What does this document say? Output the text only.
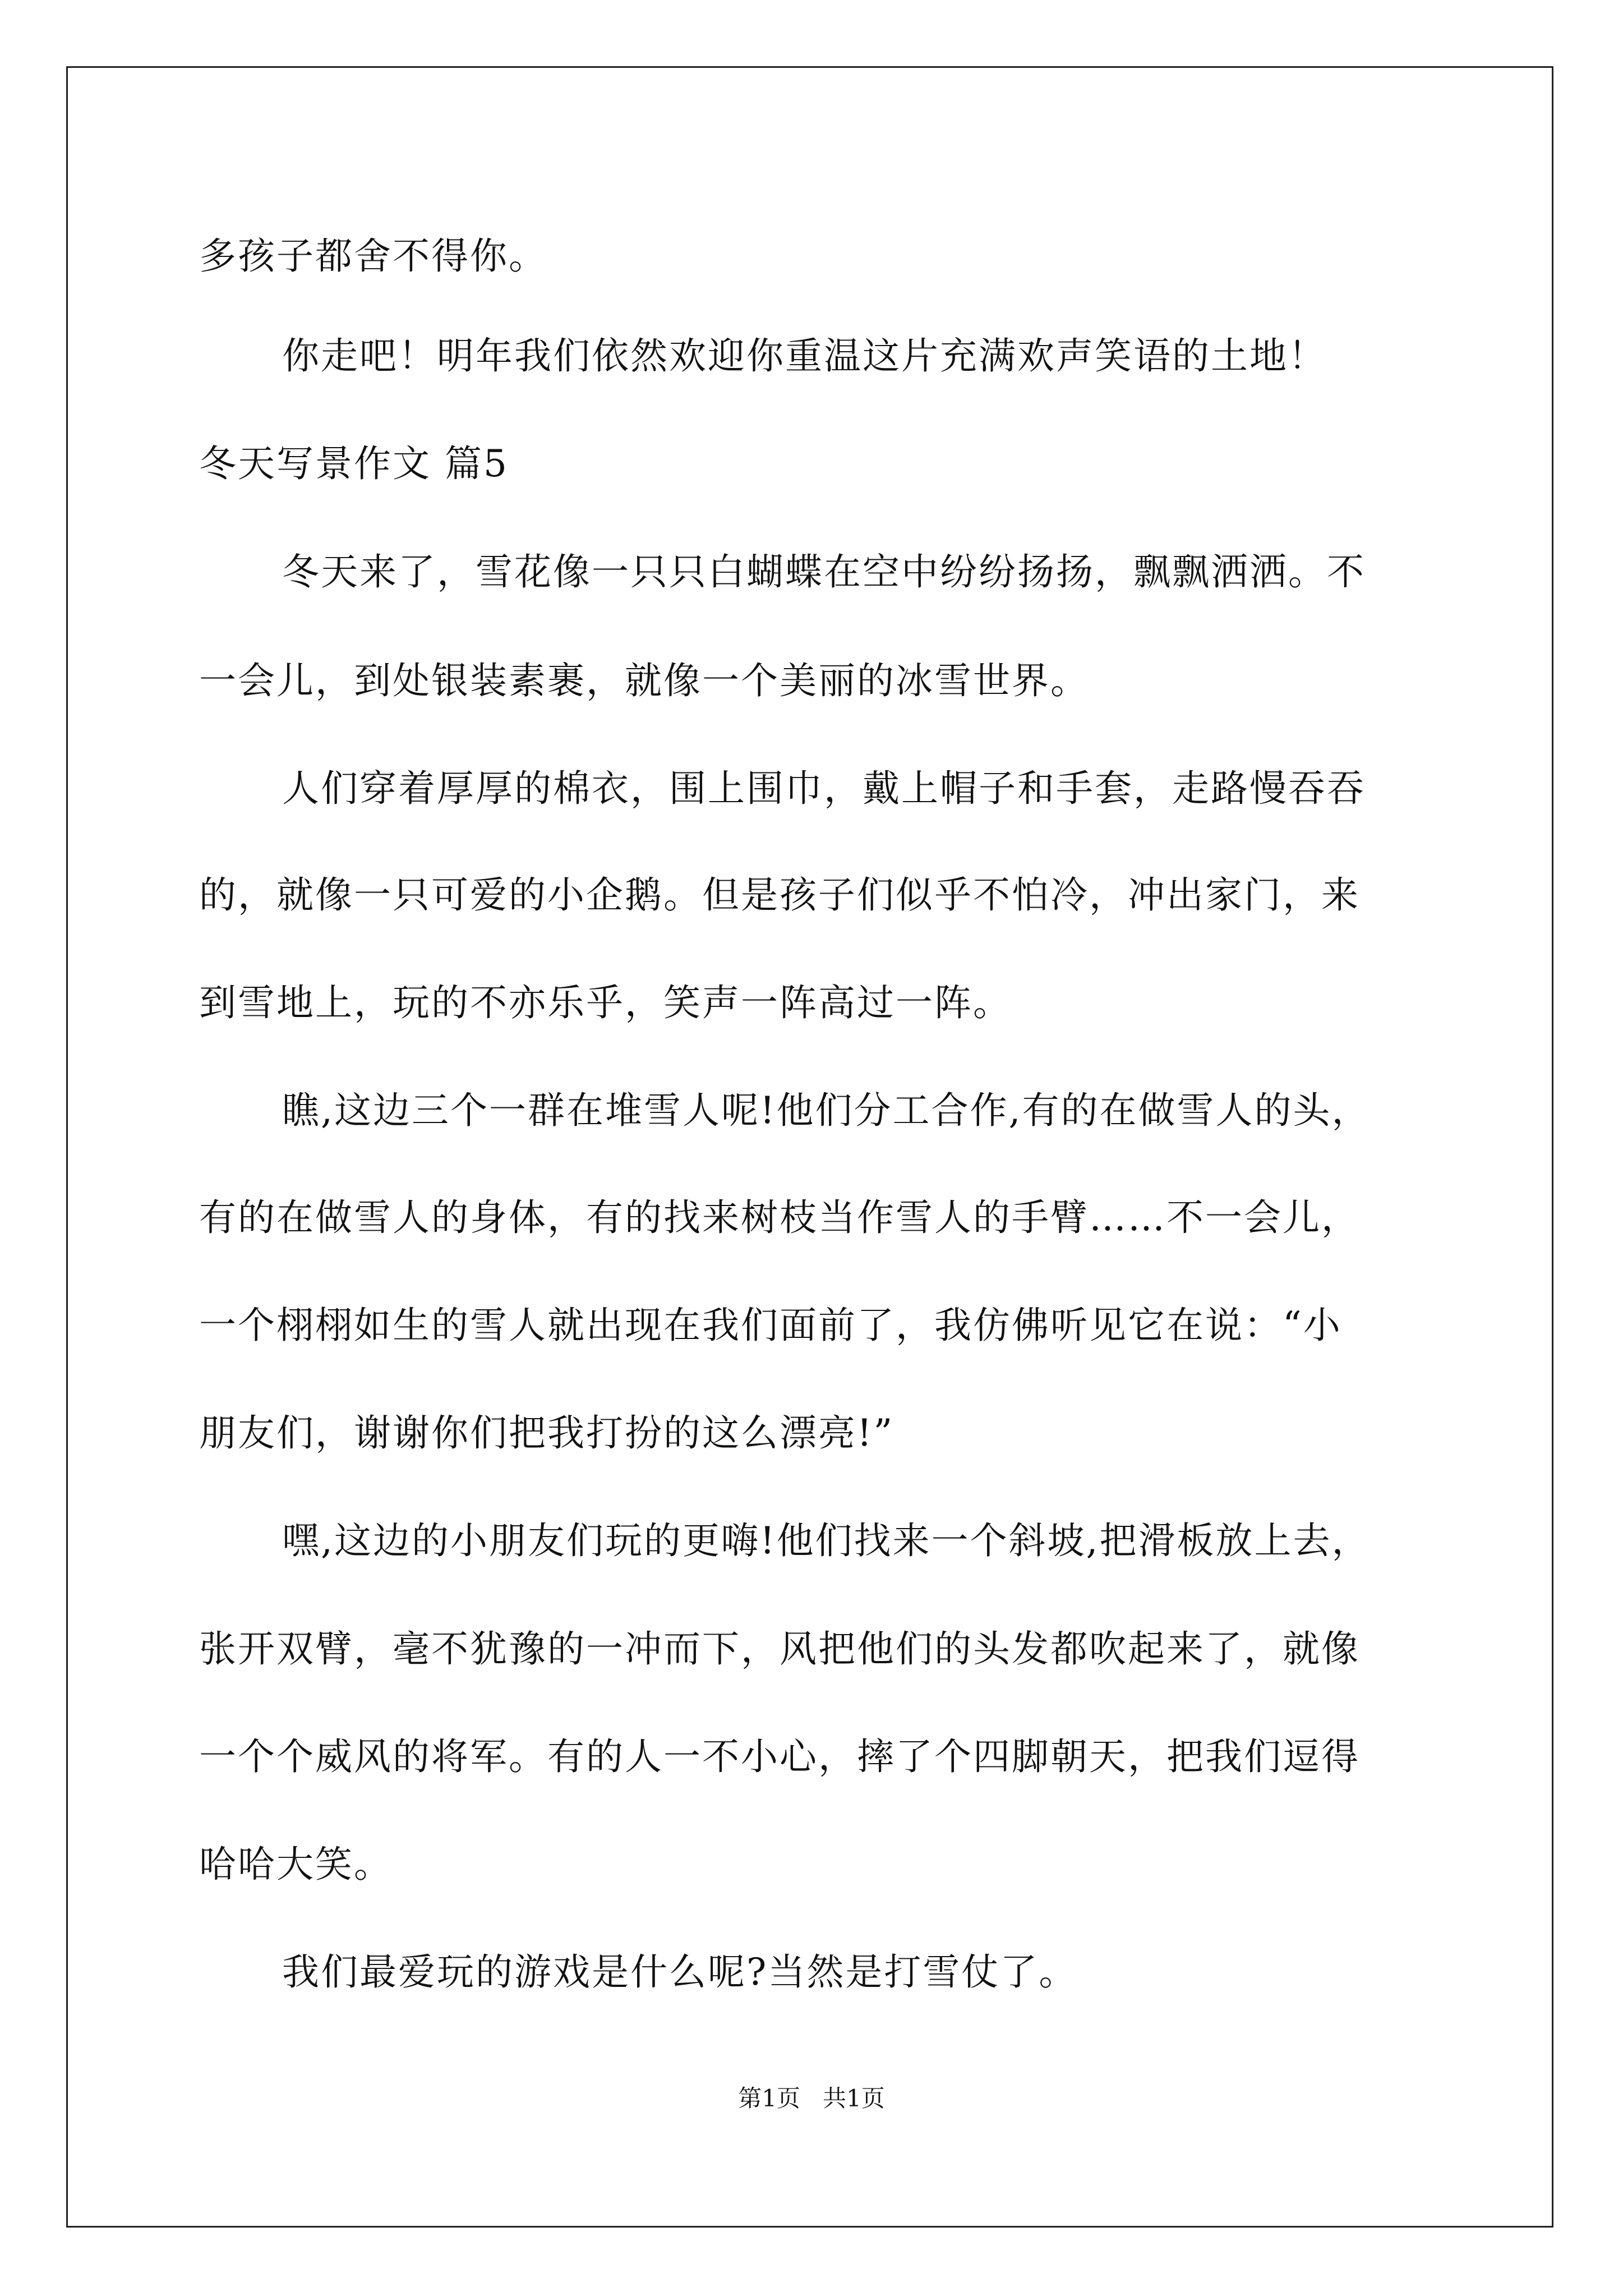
多孩子都舍不得你。
你走吧！明年我们依然欢迎你重温这片充满欢声笑语的土地！
冬天写景作文 篇5
冬天来了，雪花像一只只白蝴蝶在空中纷纷扬扬，飘飘洒洒。不
一会儿，到处银装素裹，就像一个美丽的冰雪世界。
人们穿着厚厚的棉衣，围上围巾，戴上帽子和手套，走路慢吞吞
的，就像一只可爱的小企鹅。但是孩子们似乎不怕冷，冲出家门，来
到雪地上，玩的不亦乐乎，笑声一阵高过一阵。
瞧,这边三个一群在堆雪人呢!他们分工合作,有的在做雪人的头，
有的在做雪人的身体，有的找来树枝当作雪人的手臂……不一会儿，
一个栩栩如生的雪人就出现在我们面前了，我仿佛听见它在说：“小
朋友们，谢谢你们把我打扮的这么漂亮!”
嘿,这边的小朋友们玩的更嗨!他们找来一个斜坡,把滑板放上去，
张开双臂，毫不犹豫的一冲而下，风把他们的头发都吹起来了，就像
一个个威风的将军。有的人一不小心，摔了个四脚朝天，把我们逗得
哈哈大笑。
我们最爱玩的游戏是什么呢?当然是打雪仗了。
第1页   共1页
